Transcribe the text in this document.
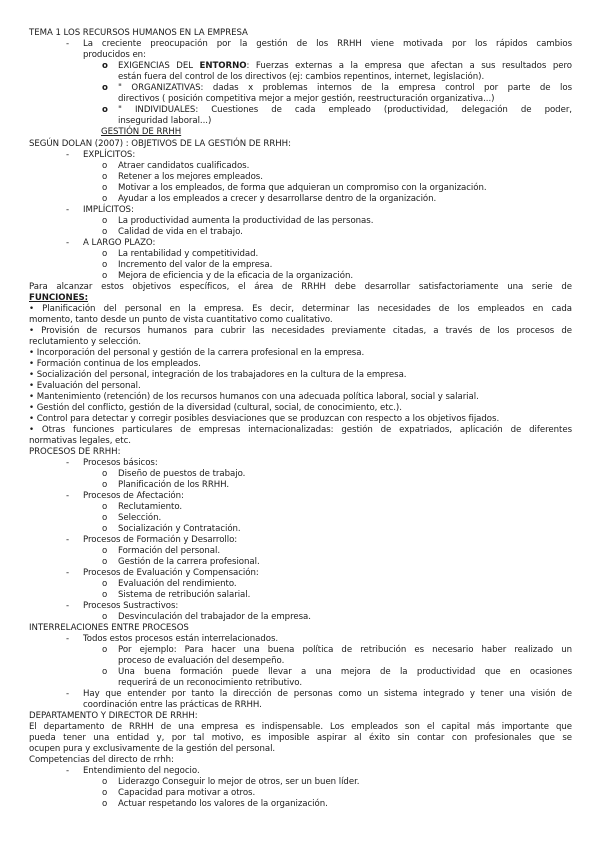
TEMA 1 LOS RECURSOS HUMANOS EN LA EMPRESA
- La creciente preocupación por la gestión de los RRHH viene motivada por los rápidos cambios
producidos en:
o EXIGENCIAS DEL ENTORNO: Fuerzas externas a la empresa que afectan a sus resultados pero
están fuera del control de los directivos (ej: cambios repentinos, internet, legislación).
o " ORGANIZATIVAS: dadas x problemas internos de la empresa control por parte de los
directivos ( posición competitiva mejor a mejor gestión, reestructuración organizativa...)
o " INDIVIDUALES: Cuestiones de cada empleado (productividad, delegación de poder,
inseguridad laboral...)
GESTIÓN DE RRHH
SEGÚN DOLAN (2007) : OBJETIVOS DE LA GESTIÓN DE RRHH:
- EXPLÍCITOS:
o Atraer candidatos cualificados.
o Retener a los mejores empleados.
o Motivar a los empleados, de forma que adquieran un compromiso con la organización.
o Ayudar a los empleados a crecer y desarrollarse dentro de la organización.
- IMPLÍCITOS:
o La productividad aumenta la productividad de las personas.
o Calidad de vida en el trabajo.
- A LARGO PLAZO:
o La rentabilidad y competitividad.
o Incremento del valor de la empresa.
o Mejora de eficiencia y de la eficacia de la organización.
Para alcanzar estos objetivos específicos, el área de RRHH debe desarrollar satisfactoriamente una serie de
FUNCIONES:
• Planificación del personal en la empresa. Es decir, determinar las necesidades de los empleados en cada
momento, tanto desde un punto de vista cuantitativo como cualitativo.
• Provisión de recursos humanos para cubrir las necesidades previamente citadas, a través de los procesos de
reclutamiento y selección.
• Incorporación del personal y gestión de la carrera profesional en la empresa.
• Formación continua de los empleados.
• Socialización del personal, integración de los trabajadores en la cultura de la empresa.
• Evaluación del personal.
• Mantenimiento (retención) de los recursos humanos con una adecuada política laboral, social y salarial.
• Gestión del conflicto, gestión de la diversidad (cultural, social, de conocimiento, etc.).
• Control para detectar y corregir posibles desviaciones que se produzcan con respecto a los objetivos fijados.
• Otras funciones particulares de empresas internacionalizadas: gestión de expatriados, aplicación de diferentes
normativas legales, etc.
PROCESOS DE RRHH:
- Procesos básicos:
o Diseño de puestos de trabajo.
o Planificación de los RRHH.
- Procesos de Afectación:
o Reclutamiento.
o Selección.
o Socialización y Contratación.
- Procesos de Formación y Desarrollo:
o Formación del personal.
o Gestión de la carrera profesional.
- Procesos de Evaluación y Compensación:
o Evaluación del rendimiento.
o Sistema de retribución salarial.
- Procesos Sustractivos:
o Desvinculación del trabajador de la empresa.
INTERRELACIONES ENTRE PROCESOS
- Todos estos procesos están interrelacionados.
o Por ejemplo: Para hacer una buena política de retribución es necesario haber realizado un
proceso de evaluación del desempeño.
o Una buena formación puede llevar a una mejora de la productividad que en ocasiones
requerirá de un reconocimiento retributivo.
- Hay que entender por tanto la dirección de personas como un sistema integrado y tener una visión de
coordinación entre las prácticas de RRHH.
DEPARTAMENTO Y DIRECTOR DE RRHH:
El departamento de RRHH de una empresa es indispensable. Los empleados son el capital más importante que
pueda tener una entidad y, por tal motivo, es imposible aspirar al éxito sin contar con profesionales que se
ocupen pura y exclusivamente de la gestión del personal.
Competencias del directo de rrhh:
- Entendimiento del negocio.
o Liderazgo Conseguir lo mejor de otros, ser un buen líder.
o Capacidad para motivar a otros.
o Actuar respetando los valores de la organización.
